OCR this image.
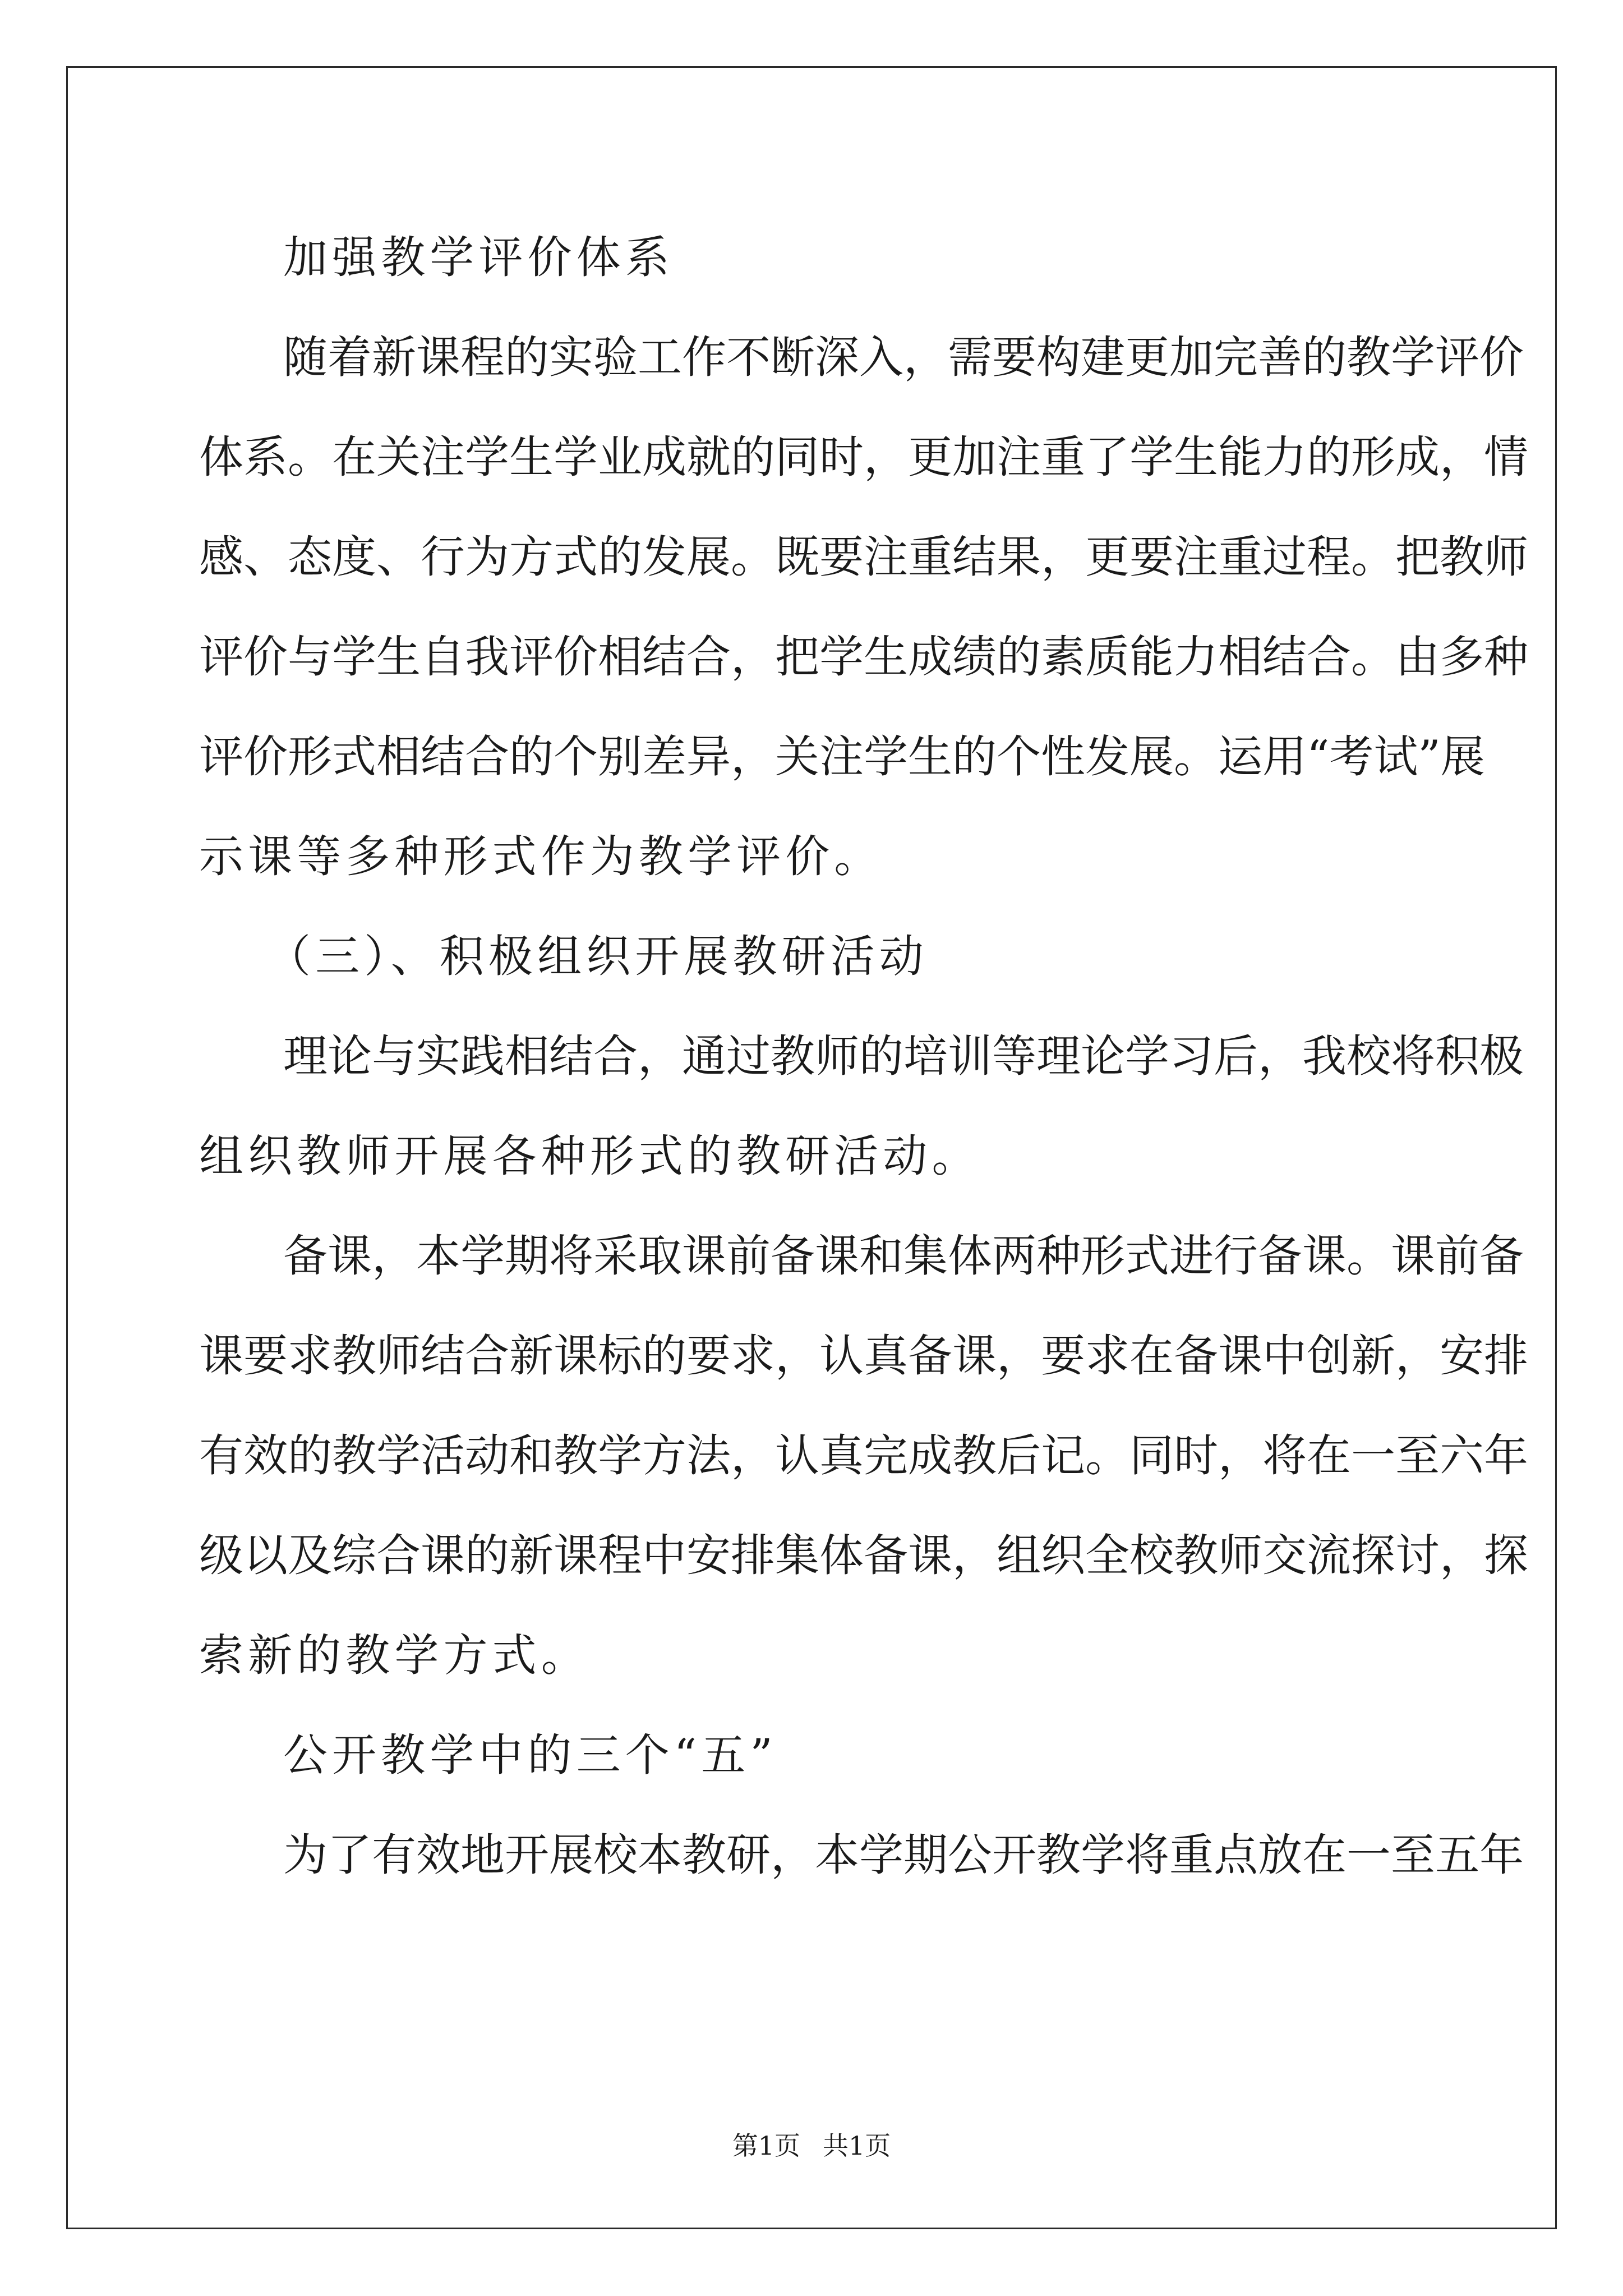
加强教学评价体系
随着新课程的实验工作不断深入，需要构建更加完善的教学评价
体系。在关注学生学业成就的同时，更加注重了学生能力的形成，情
感、态度、行为方式的发展。既要注重结果，更要注重过程。把教师
评价与学生自我评价相结合，把学生成绩的素质能力相结合。由多种
评价形式相结合的个别差异，关注学生的个性发展。运用“考试”展
示课等多种形式作为教学评价。
（三）、积极组织开展教研活动
理论与实践相结合，通过教师的培训等理论学习后，我校将积极
组织教师开展各种形式的教研活动。
备课，本学期将采取课前备课和集体两种形式进行备课。课前备
课要求教师结合新课标的要求，认真备课，要求在备课中创新，安排
有效的教学活动和教学方法，认真完成教后记。同时，将在一至六年
级以及综合课的新课程中安排集体备课，组织全校教师交流探讨，探
索新的教学方式。
公开教学中的三个“五”
为了有效地开展校本教研，本学期公开教学将重点放在一至五年
第1页 共1页
